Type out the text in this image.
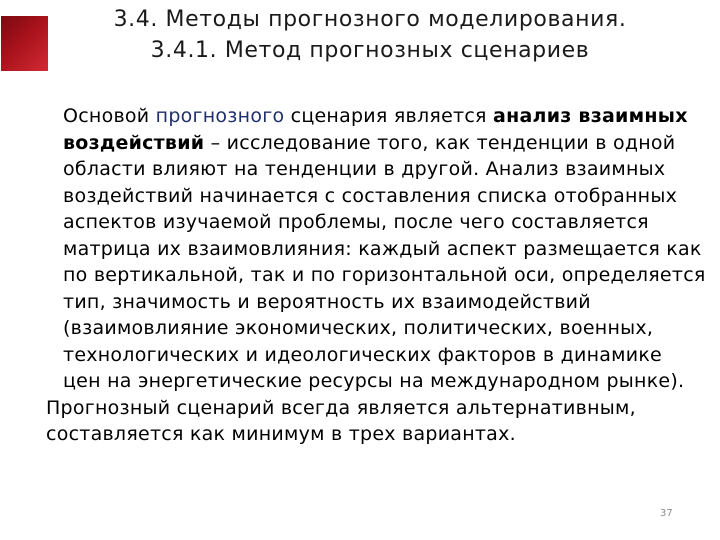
3.4. Методы прогнозного моделирования.
3.4.1. Метод прогнозных сценариев

Основой прогнозного сценария является анализ взаимных воздействий – исследование того, как тенденции в одной области влияют на тенденции в другой. Анализ взаимных воздействий начинается с составления списка отобранных аспектов изучаемой проблемы, после чего составляется матрица их взаимовлияния: каждый аспект размещается как по вертикальной, так и по горизонтальной оси, определяется тип, значимость и вероятность их взаимодействий (взаимовлияние экономических, политических, военных, технологических и идеологических факторов в динамике цен на энергетические ресурсы на международном рынке).

Прогнозный сценарий всегда является альтернативным, составляется как минимум в трех вариантах.

37
